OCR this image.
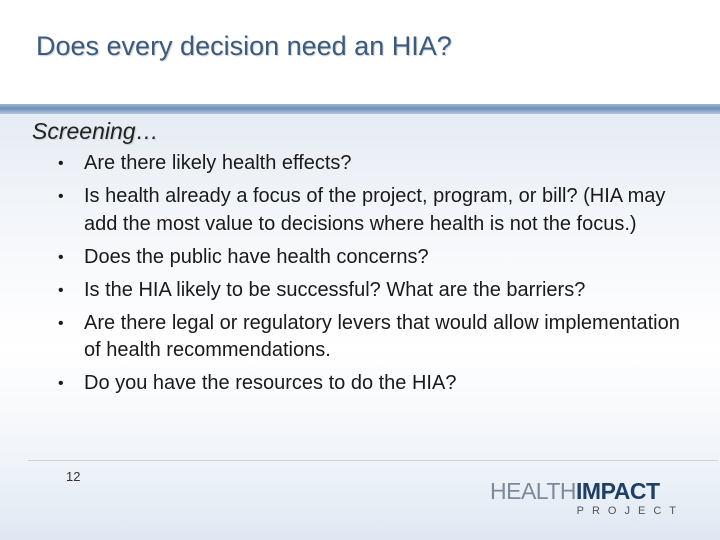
Does every decision need an HIA?
Screening…
•	Are there likely health effects?
•	Is health already a focus of the project, program, or bill? (HIA may add the most value to decisions where health is not the focus.)
•	Does the public have health concerns?
•	Is the HIA likely to be successful? What are the barriers?
•	Are there legal or regulatory levers that would allow implementation of health recommendations.
•	Do you have the resources to do the HIA?
12
HEALTHIMPACT
PROJECT
